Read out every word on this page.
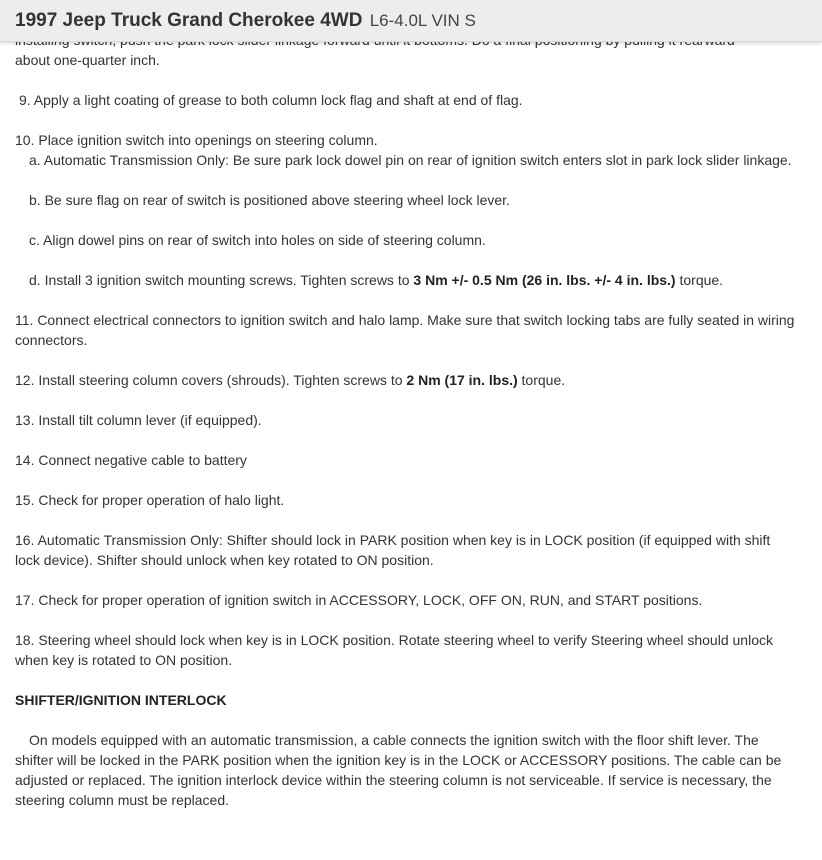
1997 Jeep Truck Grand Cherokee 4WD L6-4.0L VIN S

about one-quarter inch.

9. Apply a light coating of grease to both column lock flag and shaft at end of flag.

10. Place ignition switch into openings on steering column.
a. Automatic Transmission Only: Be sure park lock dowel pin on rear of ignition switch enters slot in park lock slider linkage.

b. Be sure flag on rear of switch is positioned above steering wheel lock lever.

c. Align dowel pins on rear of switch into holes on side of steering column.

d. Install 3 ignition switch mounting screws. Tighten screws to 3 Nm +/- 0.5 Nm (26 in. lbs. +/- 4 in. lbs.) torque.

11. Connect electrical connectors to ignition switch and halo lamp. Make sure that switch locking tabs are fully seated in wiring connectors.

12. Install steering column covers (shrouds). Tighten screws to 2 Nm (17 in. lbs.) torque.

13. Install tilt column lever (if equipped).

14. Connect negative cable to battery

15. Check for proper operation of halo light.

16. Automatic Transmission Only: Shifter should lock in PARK position when key is in LOCK position (if equipped with shift lock device). Shifter should unlock when key rotated to ON position.

17. Check for proper operation of ignition switch in ACCESSORY, LOCK, OFF ON, RUN, and START positions.

18. Steering wheel should lock when key is in LOCK position. Rotate steering wheel to verify Steering wheel should unlock when key is rotated to ON position.

SHIFTER/IGNITION INTERLOCK

On models equipped with an automatic transmission, a cable connects the ignition switch with the floor shift lever. The shifter will be locked in the PARK position when the ignition key is in the LOCK or ACCESSORY positions. The cable can be adjusted or replaced. The ignition interlock device within the steering column is not serviceable. If service is necessary, the steering column must be replaced.
